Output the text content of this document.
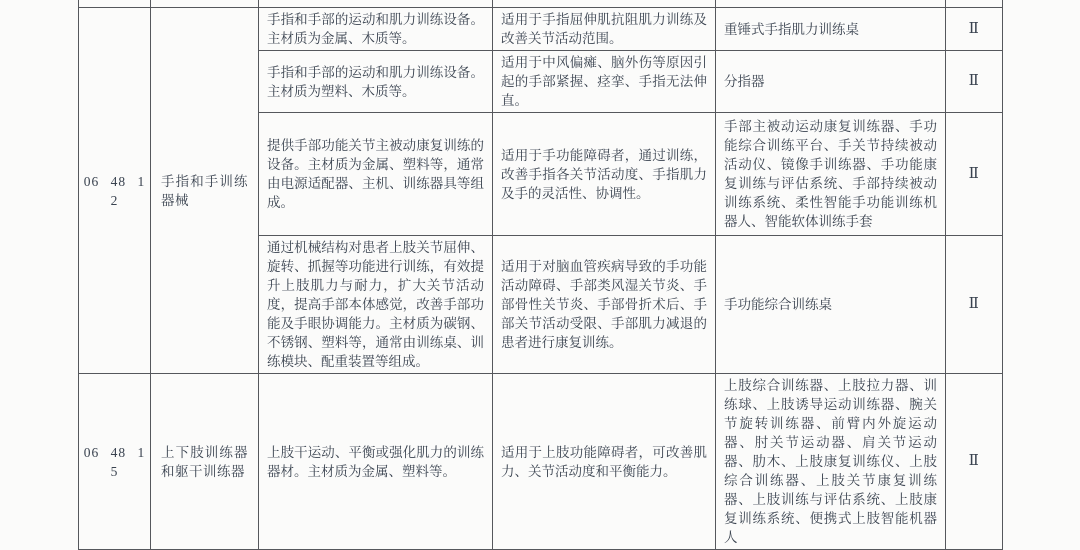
06 48 12	手指和手训练器械	手指和手部的运动和肌力训练设备。主材质为金属、木质等。	适用于手指屈伸肌抗阻肌力训练及改善关节活动范围。	重锤式手指肌力训练桌	Ⅱ
		手指和手部的运动和肌力训练设备。主材质为塑料、木质等。	适用于中风偏瘫、脑外伤等原因引起的手部紧握、痉挛、手指无法伸直。	分指器	Ⅱ
		提供手部功能关节主被动康复训练的设备。主材质为金属、塑料等，通常由电源适配器、主机、训练器具等组成。	适用于手功能障碍者，通过训练，改善手指各关节活动度、手指肌力及手的灵活性、协调性。	手部主被动运动康复训练器、手功能综合训练平台、手关节持续被动活动仪、镜像手训练器、手功能康复训练与评估系统、手部持续被动训练系统、柔性智能手功能训练机器人、智能软体训练手套	Ⅱ
		通过机械结构对患者上肢关节屈伸、旋转、抓握等功能进行训练，有效提升上肢肌力与耐力，扩大关节活动度，提高手部本体感觉，改善手部功能及手眼协调能力。主材质为碳钢、不锈钢、塑料等，通常由训练桌、训练模块、配重装置等组成。	适用于对脑血管疾病导致的手功能活动障碍、手部类风湿关节炎、手部骨性关节炎、手部骨折术后、手部关节活动受限、手部肌力减退的患者进行康复训练。	手功能综合训练桌	Ⅱ
06 48 15	上下肢训练器和躯干训练器	上肢干运动、平衡或强化肌力的训练器材。主材质为金属、塑料等。	适用于上肢功能障碍者，可改善肌力、关节活动度和平衡能力。	上肢综合训练器、上肢拉力器、训练球、上肢诱导运动训练器、腕关节旋转训练器、前臂内外旋运动器、肘关节运动器、肩关节运动器、肋木、上肢康复训练仪、上肢综合训练器、上肢关节康复训练器、上肢训练与评估系统、上肢康复训练系统、便携式上肢智能机器人	Ⅱ
